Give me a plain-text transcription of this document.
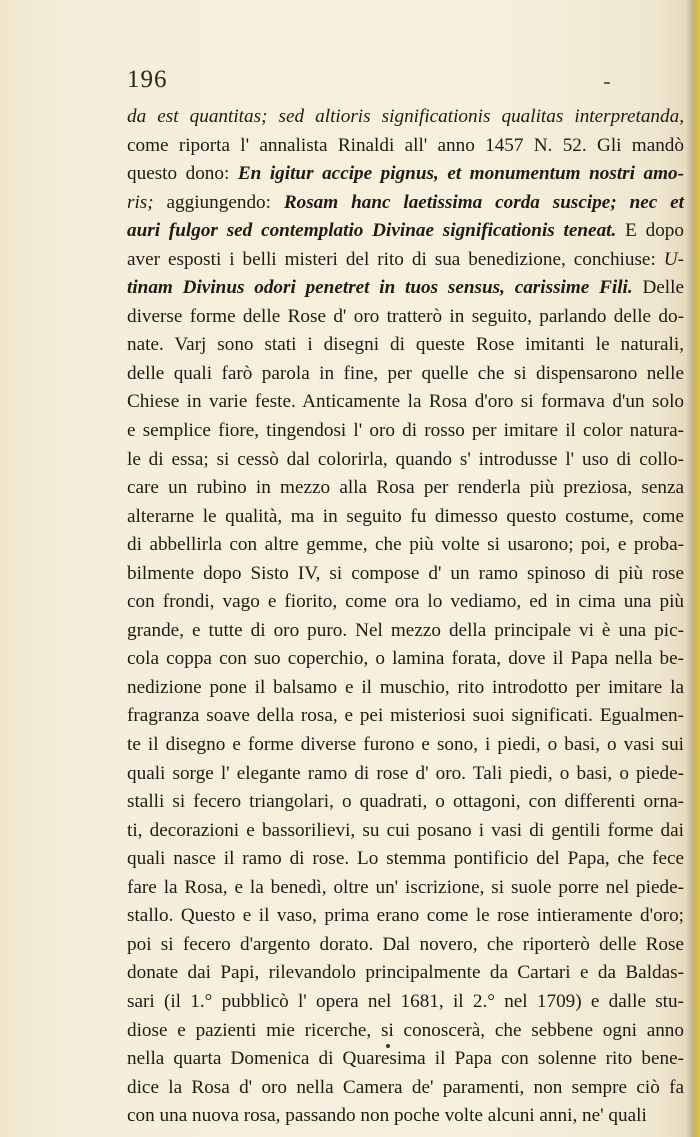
196
da est quantitas; sed altioris significationis qualitas interpretanda,
come riporta l' annalista Rinaldi all' anno 1457 N. 52. Gli mandò
questo dono: En igitur accipe pignus, et monumentum nostri amo-
ris; aggiungendo: Rosam hanc laetissima corda suscipe; nec et
auri fulgor sed contemplatio Divinae significationis teneat. E dopo
aver esposti i belli misteri del rito di sua benedizione, conchiuse: U-
tinam Divinus odori penetret in tuos sensus, carissime Fili. Delle
diverse forme delle Rose d' oro tratterò in seguito, parlando delle do-
nate. Varj sono stati i disegni di queste Rose imitanti le naturali,
delle quali farò parola in fine, per quelle che si dispensarono nelle
Chiese in varie feste. Anticamente la Rosa d'oro si formava d'un solo
e semplice fiore, tingendosi l' oro di rosso per imitare il color natura-
le di essa; si cessò dal colorirla, quando s' introdusse l' uso di collo-
care un rubino in mezzo alla Rosa per renderla più preziosa, senza
alterarne le qualità, ma in seguito fu dimesso questo costume, come
di abbellirla con altre gemme, che più volte si usarono; poi, e proba-
bilmente dopo Sisto IV, si compose d' un ramo spinoso di più rose
con frondi, vago e fiorito, come ora lo vediamo, ed in cima una più
grande, e tutte di oro puro. Nel mezzo della principale vi è una pic-
cola coppa con suo coperchio, o lamina forata, dove il Papa nella be-
nedizione pone il balsamo e il muschio, rito introdotto per imitare la
fragranza soave della rosa, e pei misteriosi suoi significati. Egualmen-
te il disegno e forme diverse furono e sono, i piedi, o basi, o vasi sui
quali sorge l' elegante ramo di rose d' oro. Tali piedi, o basi, o piede-
stalli si fecero triangolari, o quadrati, o ottagoni, con differenti orna-
ti, decorazioni e bassorilievi, su cui posano i vasi di gentili forme dai
quali nasce il ramo di rose. Lo stemma pontificio del Papa, che fece
fare la Rosa, e la benedì, oltre un' iscrizione, si suole porre nel piede-
stallo. Questo e il vaso, prima erano come le rose intieramente d'oro;
poi si fecero d'argento dorato. Dal novero, che riporterò delle Rose
donate dai Papi, rilevandolo principalmente da Cartari e da Baldas-
sari (il 1.° pubblicò l' opera nel 1681, il 2.° nel 1709) e dalle stu-
diose e pazienti mie ricerche, si conoscerà, che sebbene ogni anno
nella quarta Domenica di Quaresima il Papa con solenne rito bene-
dice la Rosa d' oro nella Camera de' paramenti, non sempre ciò fa
con una nuova rosa, passando non poche volte alcuni anni, ne' quali
